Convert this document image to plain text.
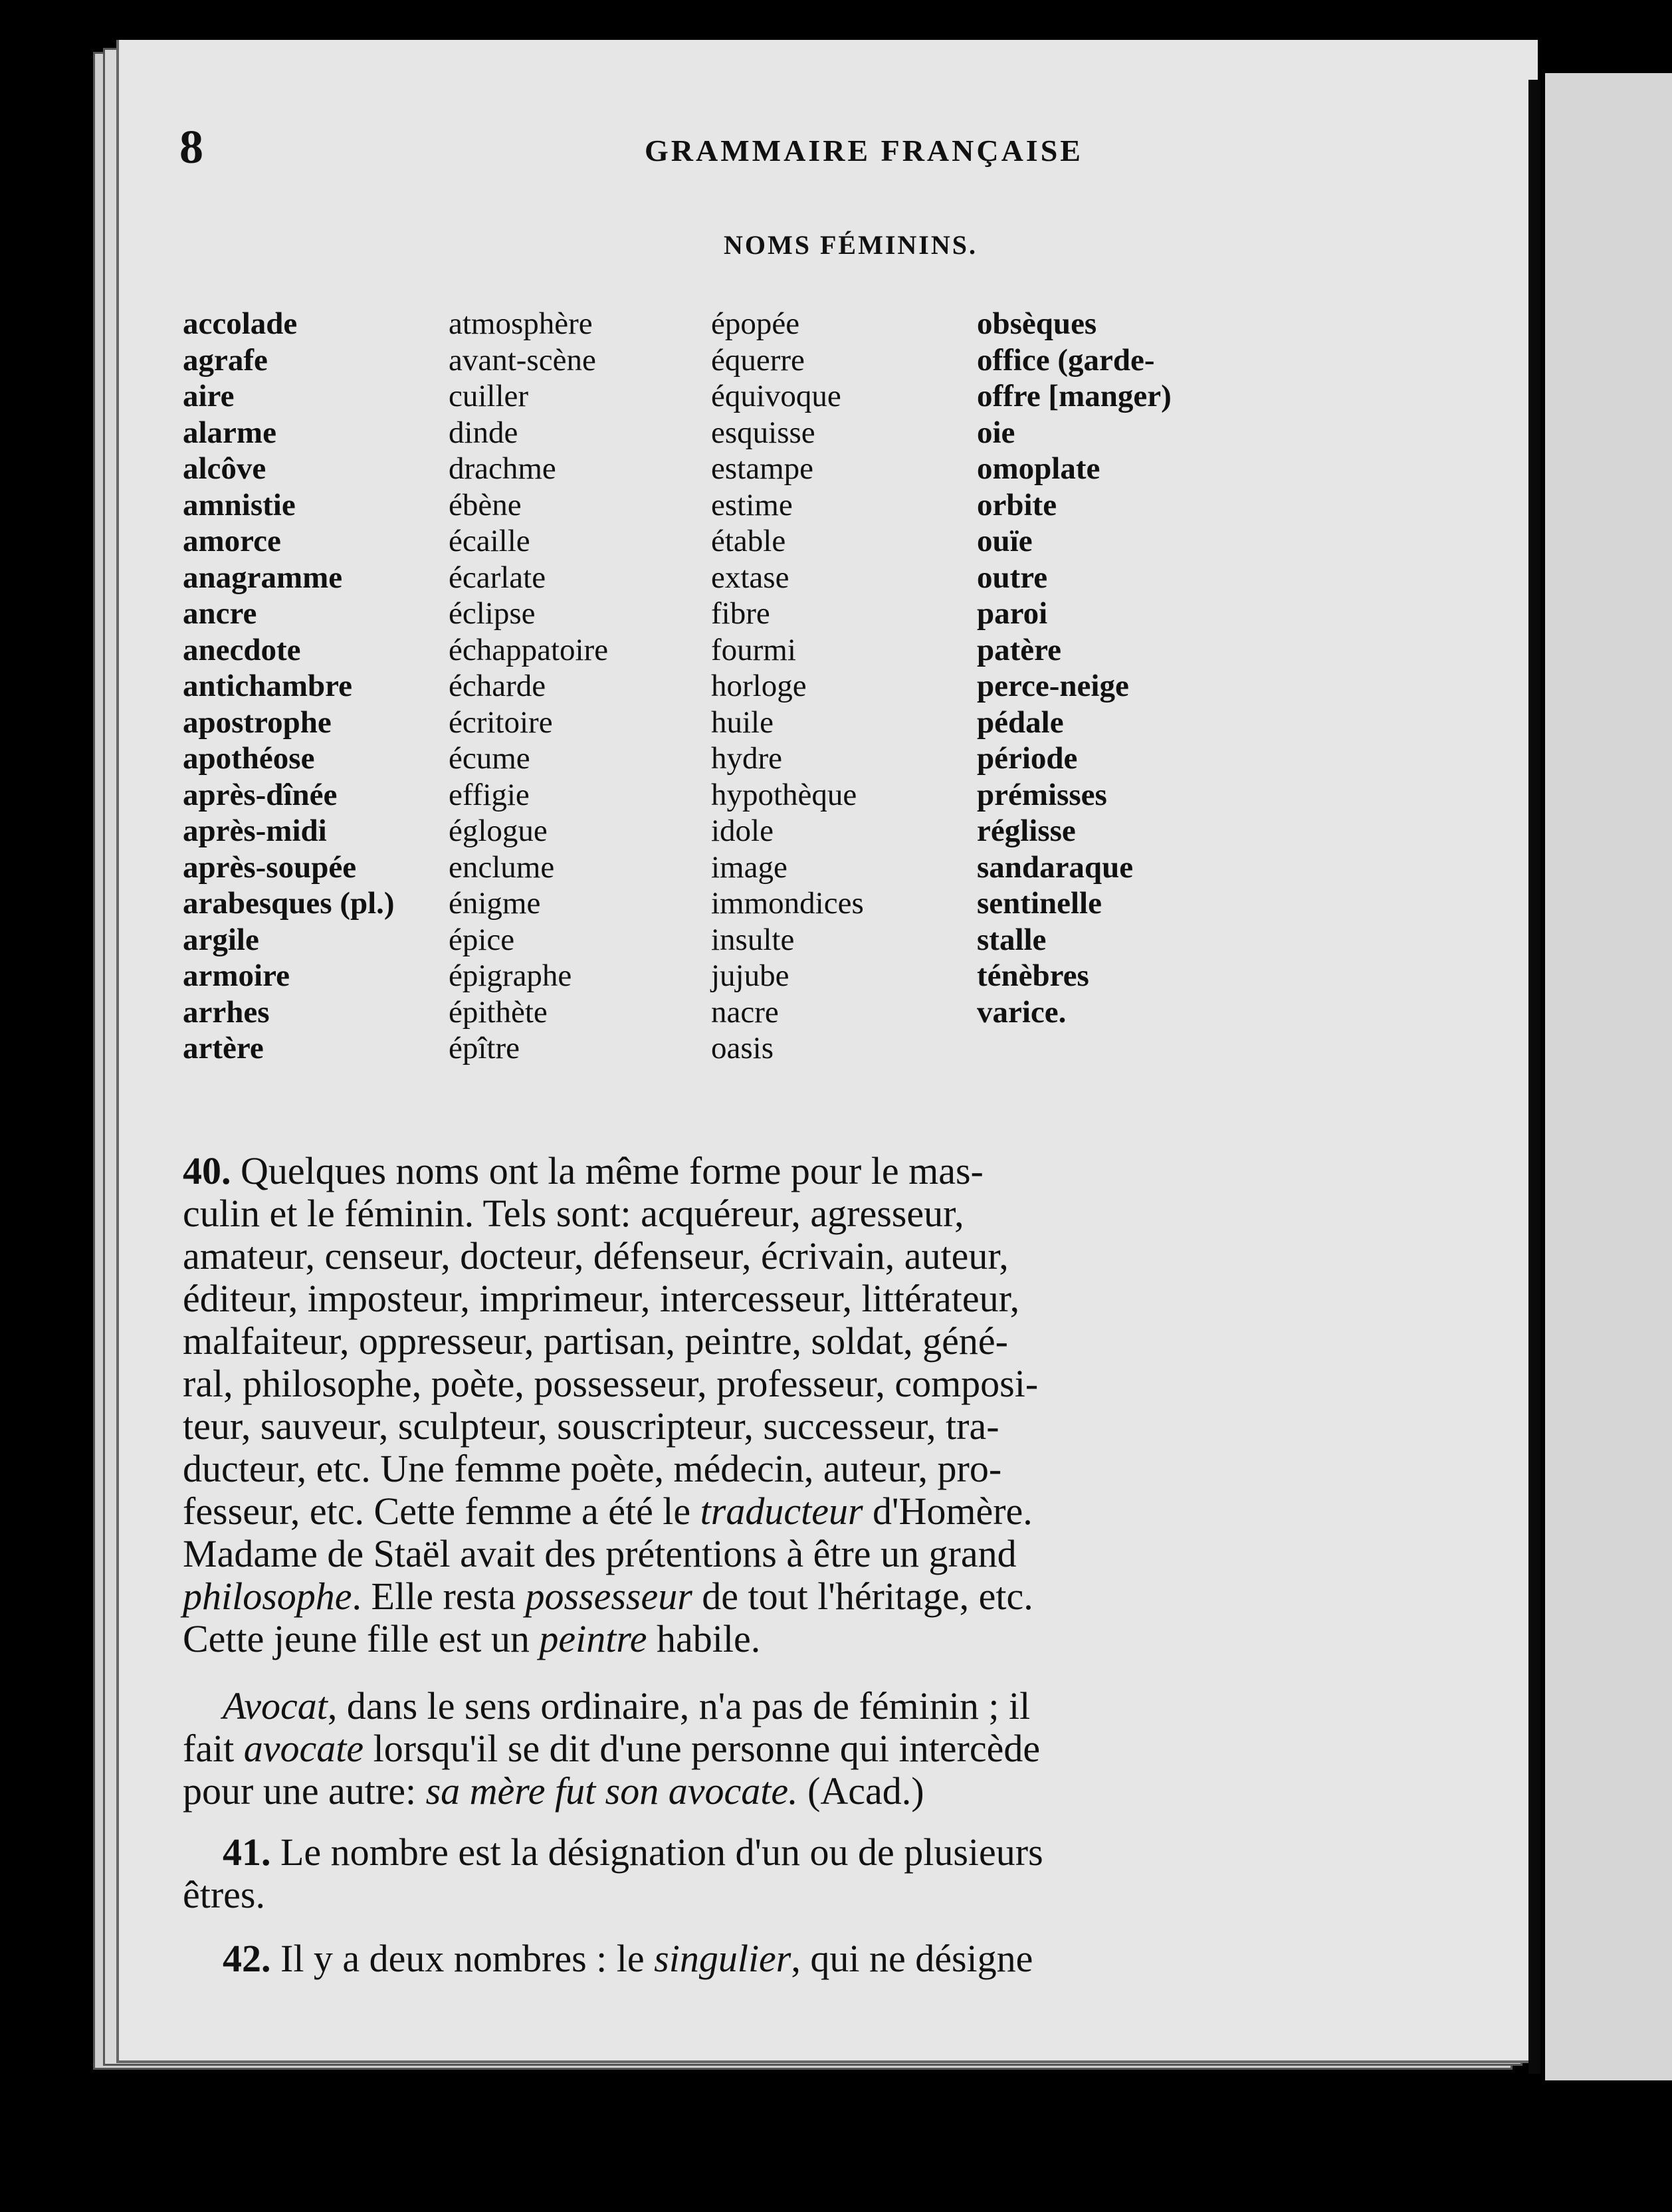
8	GRAMMAIRE FRANÇAISE
NOMS FÉMININS.
accolade
agrafe
aire
alarme
alcôve
amnistie
amorce
anagramme
ancre
anecdote
antichambre
apostrophe
apothéose
après-dînée
après-midi
après-soupée
arabesques (pl.)
argile
armoire
arrhes
artère
atmosphère
avant-scène
cuiller
dinde
drachme
ébène
écaille
écarlate
éclipse
échappatoire
écharde
écritoire
écume
effigie
églogue
enclume
énigme
épice
épigraphe
épithète
épître
épopée
équerre
équivoque
esquisse
estampe
estime
étable
extase
fibre
fourmi
horloge
huile
hydre
hypothèque
idole
image
immondices
insulte
jujube
nacre
oasis
obsèques
office (garde-
offre [manger)
oie
omoplate
orbite
ouïe
outre
paroi
patère
perce-neige
pédale
période
prémisses
réglisse
sandaraque
sentinelle
stalle
ténèbres
varice.
40. Quelques noms ont la même forme pour le mas-
culin et le féminin. Tels sont: acquéreur, agresseur,
amateur, censeur, docteur, défenseur, écrivain, auteur,
éditeur, imposteur, imprimeur, intercesseur, littérateur,
malfaiteur, oppresseur, partisan, peintre, soldat, géné-
ral, philosophe, poète, possesseur, professeur, composi-
teur, sauveur, sculpteur, souscripteur, successeur, tra-
ducteur, etc. Une femme poète, médecin, auteur, pro-
fesseur, etc. Cette femme a été le traducteur d'Homère.
Madame de Staël avait des prétentions à être un grand
philosophe. Elle resta possesseur de tout l'héritage, etc.
Cette jeune fille est un peintre habile.
Avocat, dans le sens ordinaire, n'a pas de féminin ; il
fait avocate lorsqu'il se dit d'une personne qui intercède
pour une autre: sa mère fut son avocate. (Acad.)
41. Le nombre est la désignation d'un ou de plusieurs
êtres.
42. Il y a deux nombres : le singulier, qui ne désigne
